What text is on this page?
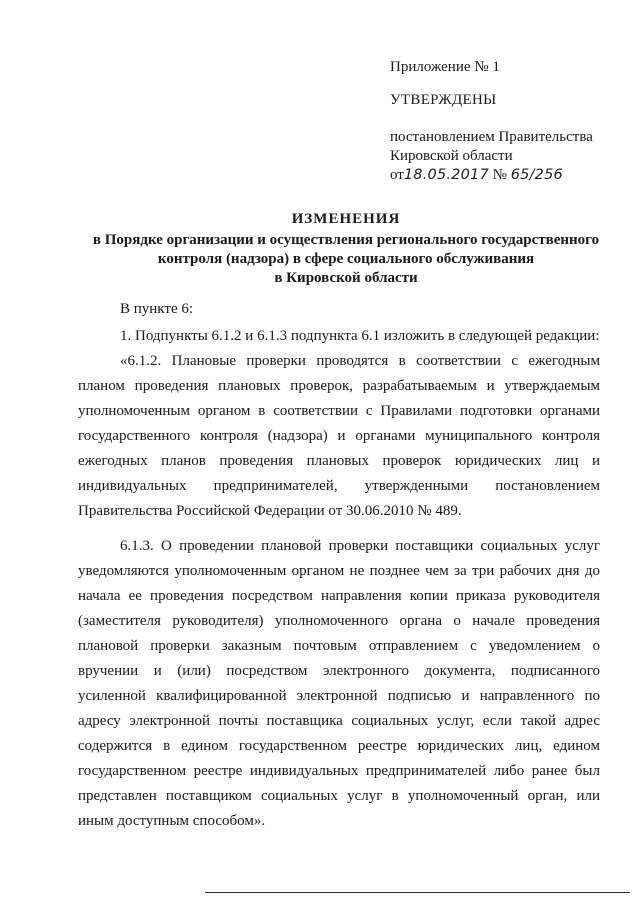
Приложение № 1
УТВЕРЖДЕНЫ
постановлением Правительства
Кировской области
от18.05.2017 № 65/256
ИЗМЕНЕНИЯ
в Порядке организации и осуществления регионального государственного
контроля (надзора) в сфере социального обслуживания
в Кировской области

В пункте 6:

1. Подпункты 6.1.2 и 6.1.3 подпункта 6.1 изложить в следующей редакции:

«6.1.2. Плановые проверки проводятся в соответствии с ежегодным планом проведения плановых проверок, разрабатываемым и утверждаемым уполномоченным органом в соответствии с Правилами подготовки органами государственного контроля (надзора) и органами муниципального контроля ежегодных планов проведения плановых проверок юридических лиц и индивидуальных предпринимателей, утвержденными постановлением Правительства Российской Федерации от 30.06.2010 № 489.

6.1.3. О проведении плановой проверки поставщики социальных услуг уведомляются уполномоченным органом не позднее чем за три рабочих дня до начала ее проведения посредством направления копии приказа руководителя (заместителя руководителя) уполномоченного органа о начале проведения плановой проверки заказным почтовым отправлением с уведомлением о вручении и (или) посредством электронного документа, подписанного усиленной квалифицированной электронной подписью и направленного по адресу электронной почты поставщика социальных услуг, если такой адрес содержится в едином государственном реестре юридических лиц, едином государственном реестре индивидуальных предпринимателей либо ранее был представлен поставщиком социальных услуг в уполномоченный орган, или иным доступным способом».
